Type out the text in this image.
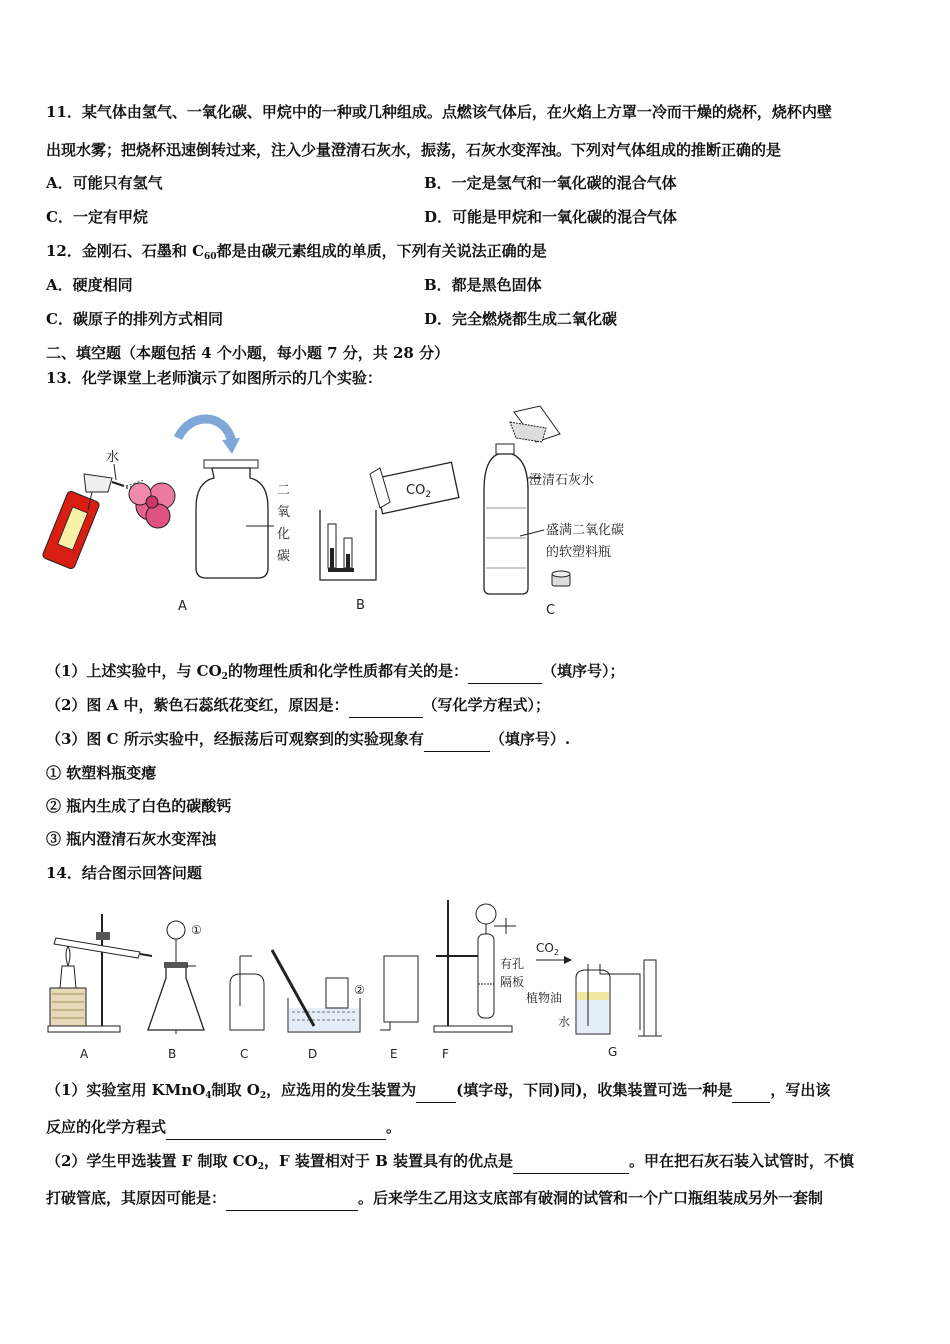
11．某气体由氢气、一氧化碳、甲烷中的一种或几种组成。点燃该气体后，在火焰上方罩一冷而干燥的烧杯，烧杯内壁
出现水雾；把烧杯迅速倒转过来，注入少量澄清石灰水，振荡，石灰水变浑浊。下列对气体组成的推断正确的是
A．可能只有氢气	B．一定是氢气和一氧化碳的混合气体
C．一定有甲烷	D．可能是甲烷和一氧化碳的混合气体
12．金刚石、石墨和 $C_{60}$都是由碳元素组成的单质，下列有关说法正确的是
A．硬度相同	B．都是黑色固体
C．碳原子的排列方式相同	D．完全燃烧都生成二氧化碳
二、填空题（本题包括 4 个小题，每小题 7 分，共 28 分）
13．化学课堂上老师演示了如图所示的几个实验：
水
二
氧
化
碳
A
$CO_2$
B
澄清石灰水
盛满二氧化碳
的软塑料瓶
C
（1）上述实验中，与 $CO_2$的物理性质和化学性质都有关的是：	（填序号）；
（2）图 A 中，紫色石蕊纸花变红，原因是：	（写化学方程式）；
（3）图 C 所示实验中，经振荡后可观察到的实验现象有	（填序号）.
① 软塑料瓶变瘪
② 瓶内生成了白色的碳酸钙
③ 瓶内澄清石灰水变浑浊
14．结合图示回答问题
A
①
B	C
②
D	E
有孔
隔板
F
$CO_2$
植物油
水
G
（1）实验室用 KMnO$_4$制取 $O_2$，应选用的发生装置为	(填字母，下同)同)，收集装置可选一种是	，写出该
反应的化学方程式	。
（2）学生甲选装置 F 制取 $CO_2$，F 装置相对于 B 装置具有的优点是	。甲在把石灰石装入试管时，不慎
打破管底，其原因可能是：	。后来学生乙用这支底部有破洞的试管和一个广口瓶组装成另外一套制
